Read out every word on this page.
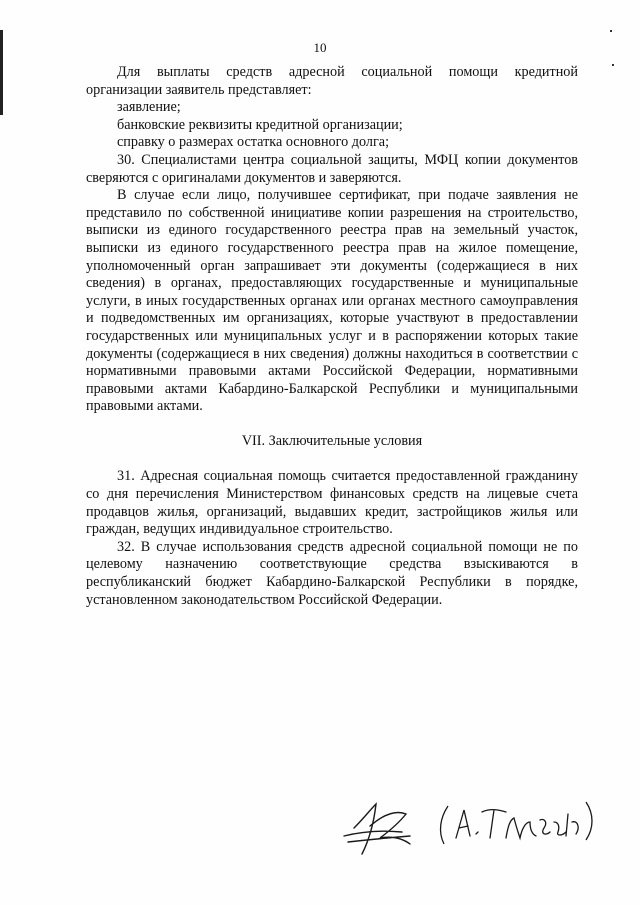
10

Для выплаты средств адресной социальной помощи кредитной организации заявитель представляет:

заявление;

банковские реквизиты кредитной организации;

справку о размерах остатка основного долга;

30. Специалистами центра социальной защиты, МФЦ копии документов сверяются с оригиналами документов и заверяются.

В случае если лицо, получившее сертификат, при подаче заявления не представило по собственной инициативе копии разрешения на строительство, выписки из единого государственного реестра прав на земельный участок, выписки из единого государственного реестра прав на жилое помещение, уполномоченный орган запрашивает эти документы (содержащиеся в них сведения) в органах, предоставляющих государственные и муниципальные услуги, в иных государственных органах или органах местного самоуправления и подведомственных им организациях, которые участвуют в предоставлении государственных или муниципальных услуг и в распоряжении которых такие документы (содержащиеся в них сведения) должны находиться в соответствии с нормативными правовыми актами Российской Федерации, нормативными правовыми актами Кабардино-Балкарской Республики и муниципальными правовыми актами.

VII. Заключительные условия

31. Адресная социальная помощь считается предоставленной гражданину со дня перечисления Министерством финансовых средств на лицевые счета продавцов жилья, организаций, выдавших кредит, застройщиков жилья или граждан, ведущих индивидуальное строительство.

32. В случае использования средств адресной социальной помощи не по целевому назначению соответствующие средства взыскиваются в республиканский бюджет Кабардино-Балкарской Республики в порядке, установленном законодательством Российской Федерации.
